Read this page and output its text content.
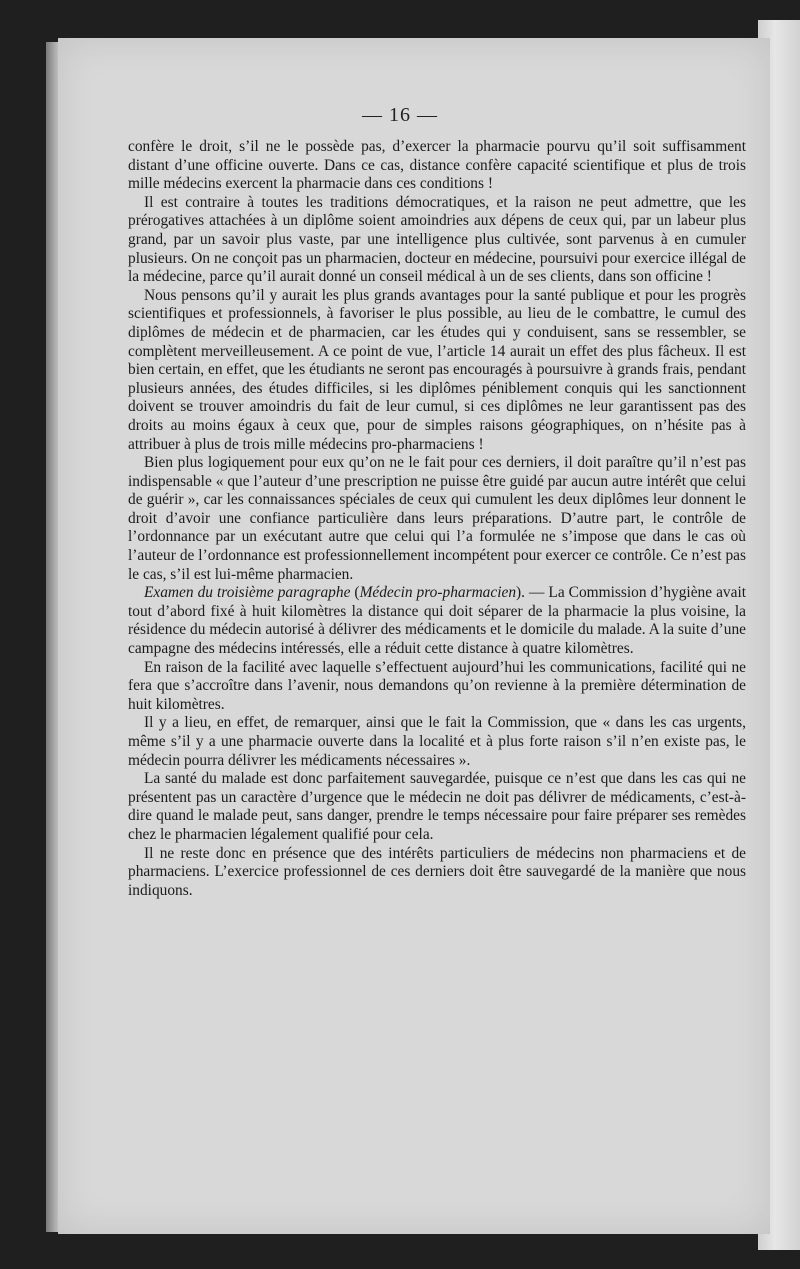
— 16 —

confère le droit, s’il ne le possède pas, d’exercer la pharmacie pourvu qu’il soit suffisamment distant d’une officine ouverte. Dans ce cas, distance confère capacité scientifique et plus de trois mille médecins exercent la pharmacie dans ces conditions !

Il est contraire à toutes les traditions démocratiques, et la raison ne peut admettre, que les prérogatives attachées à un diplôme soient amoindries aux dépens de ceux qui, par un labeur plus grand, par un savoir plus vaste, par une intelligence plus cultivée, sont parvenus à en cumuler plusieurs. On ne conçoit pas un pharmacien, docteur en médecine, poursuivi pour exercice illégal de la médecine, parce qu’il aurait donné un conseil médical à un de ses clients, dans son officine !

Nous pensons qu’il y aurait les plus grands avantages pour la santé publique et pour les progrès scientifiques et professionnels, à favoriser le plus possible, au lieu de le combattre, le cumul des diplômes de médecin et de pharmacien, car les études qui y conduisent, sans se ressembler, se complètent merveilleusement. A ce point de vue, l’article 14 aurait un effet des plus fâcheux. Il est bien certain, en effet, que les étudiants ne seront pas encouragés à poursuivre à grands frais, pendant plusieurs années, des études difficiles, si les diplômes péniblement conquis qui les sanctionnent doivent se trouver amoindris du fait de leur cumul, si ces diplômes ne leur garantissent pas des droits au moins égaux à ceux que, pour de simples raisons géographiques, on n’hésite pas à attribuer à plus de trois mille médecins pro-pharmaciens !

Bien plus logiquement pour eux qu’on ne le fait pour ces derniers, il doit paraître qu’il n’est pas indispensable « que l’auteur d’une prescription ne puisse être guidé par aucun autre intérêt que celui de guérir », car les connaissances spéciales de ceux qui cumulent les deux diplômes leur donnent le droit d’avoir une confiance particulière dans leurs préparations. D’autre part, le contrôle de l’ordonnance par un exécutant autre que celui qui l’a formulée ne s’impose que dans le cas où l’auteur de l’ordonnance est professionnellement incompétent pour exercer ce contrôle. Ce n’est pas le cas, s’il est lui-même pharmacien.

Examen du troisième paragraphe (Médecin pro-pharmacien). — La Commission d’hygiène avait tout d’abord fixé à huit kilomètres la distance qui doit séparer de la pharmacie la plus voisine, la résidence du médecin autorisé à délivrer des médicaments et le domicile du malade. A la suite d’une campagne des médecins intéressés, elle a réduit cette distance à quatre kilomètres.

En raison de la facilité avec laquelle s’effectuent aujourd’hui les communications, facilité qui ne fera que s’accroître dans l’avenir, nous demandons qu’on revienne à la première détermination de huit kilomètres.

Il y a lieu, en effet, de remarquer, ainsi que le fait la Commission, que « dans les cas urgents, même s’il y a une pharmacie ouverte dans la localité et à plus forte raison s’il n’en existe pas, le médecin pourra délivrer les médicaments nécessaires ».

La santé du malade est donc parfaitement sauvegardée, puisque ce n’est que dans les cas qui ne présentent pas un caractère d’urgence que le médecin ne doit pas délivrer de médicaments, c’est-à-dire quand le malade peut, sans danger, prendre le temps nécessaire pour faire préparer ses remèdes chez le pharmacien légalement qualifié pour cela.

Il ne reste donc en présence que des intérêts particuliers de médecins non pharmaciens et de pharmaciens. L’exercice professionnel de ces derniers doit être sauvegardé de la manière que nous indiquons.
